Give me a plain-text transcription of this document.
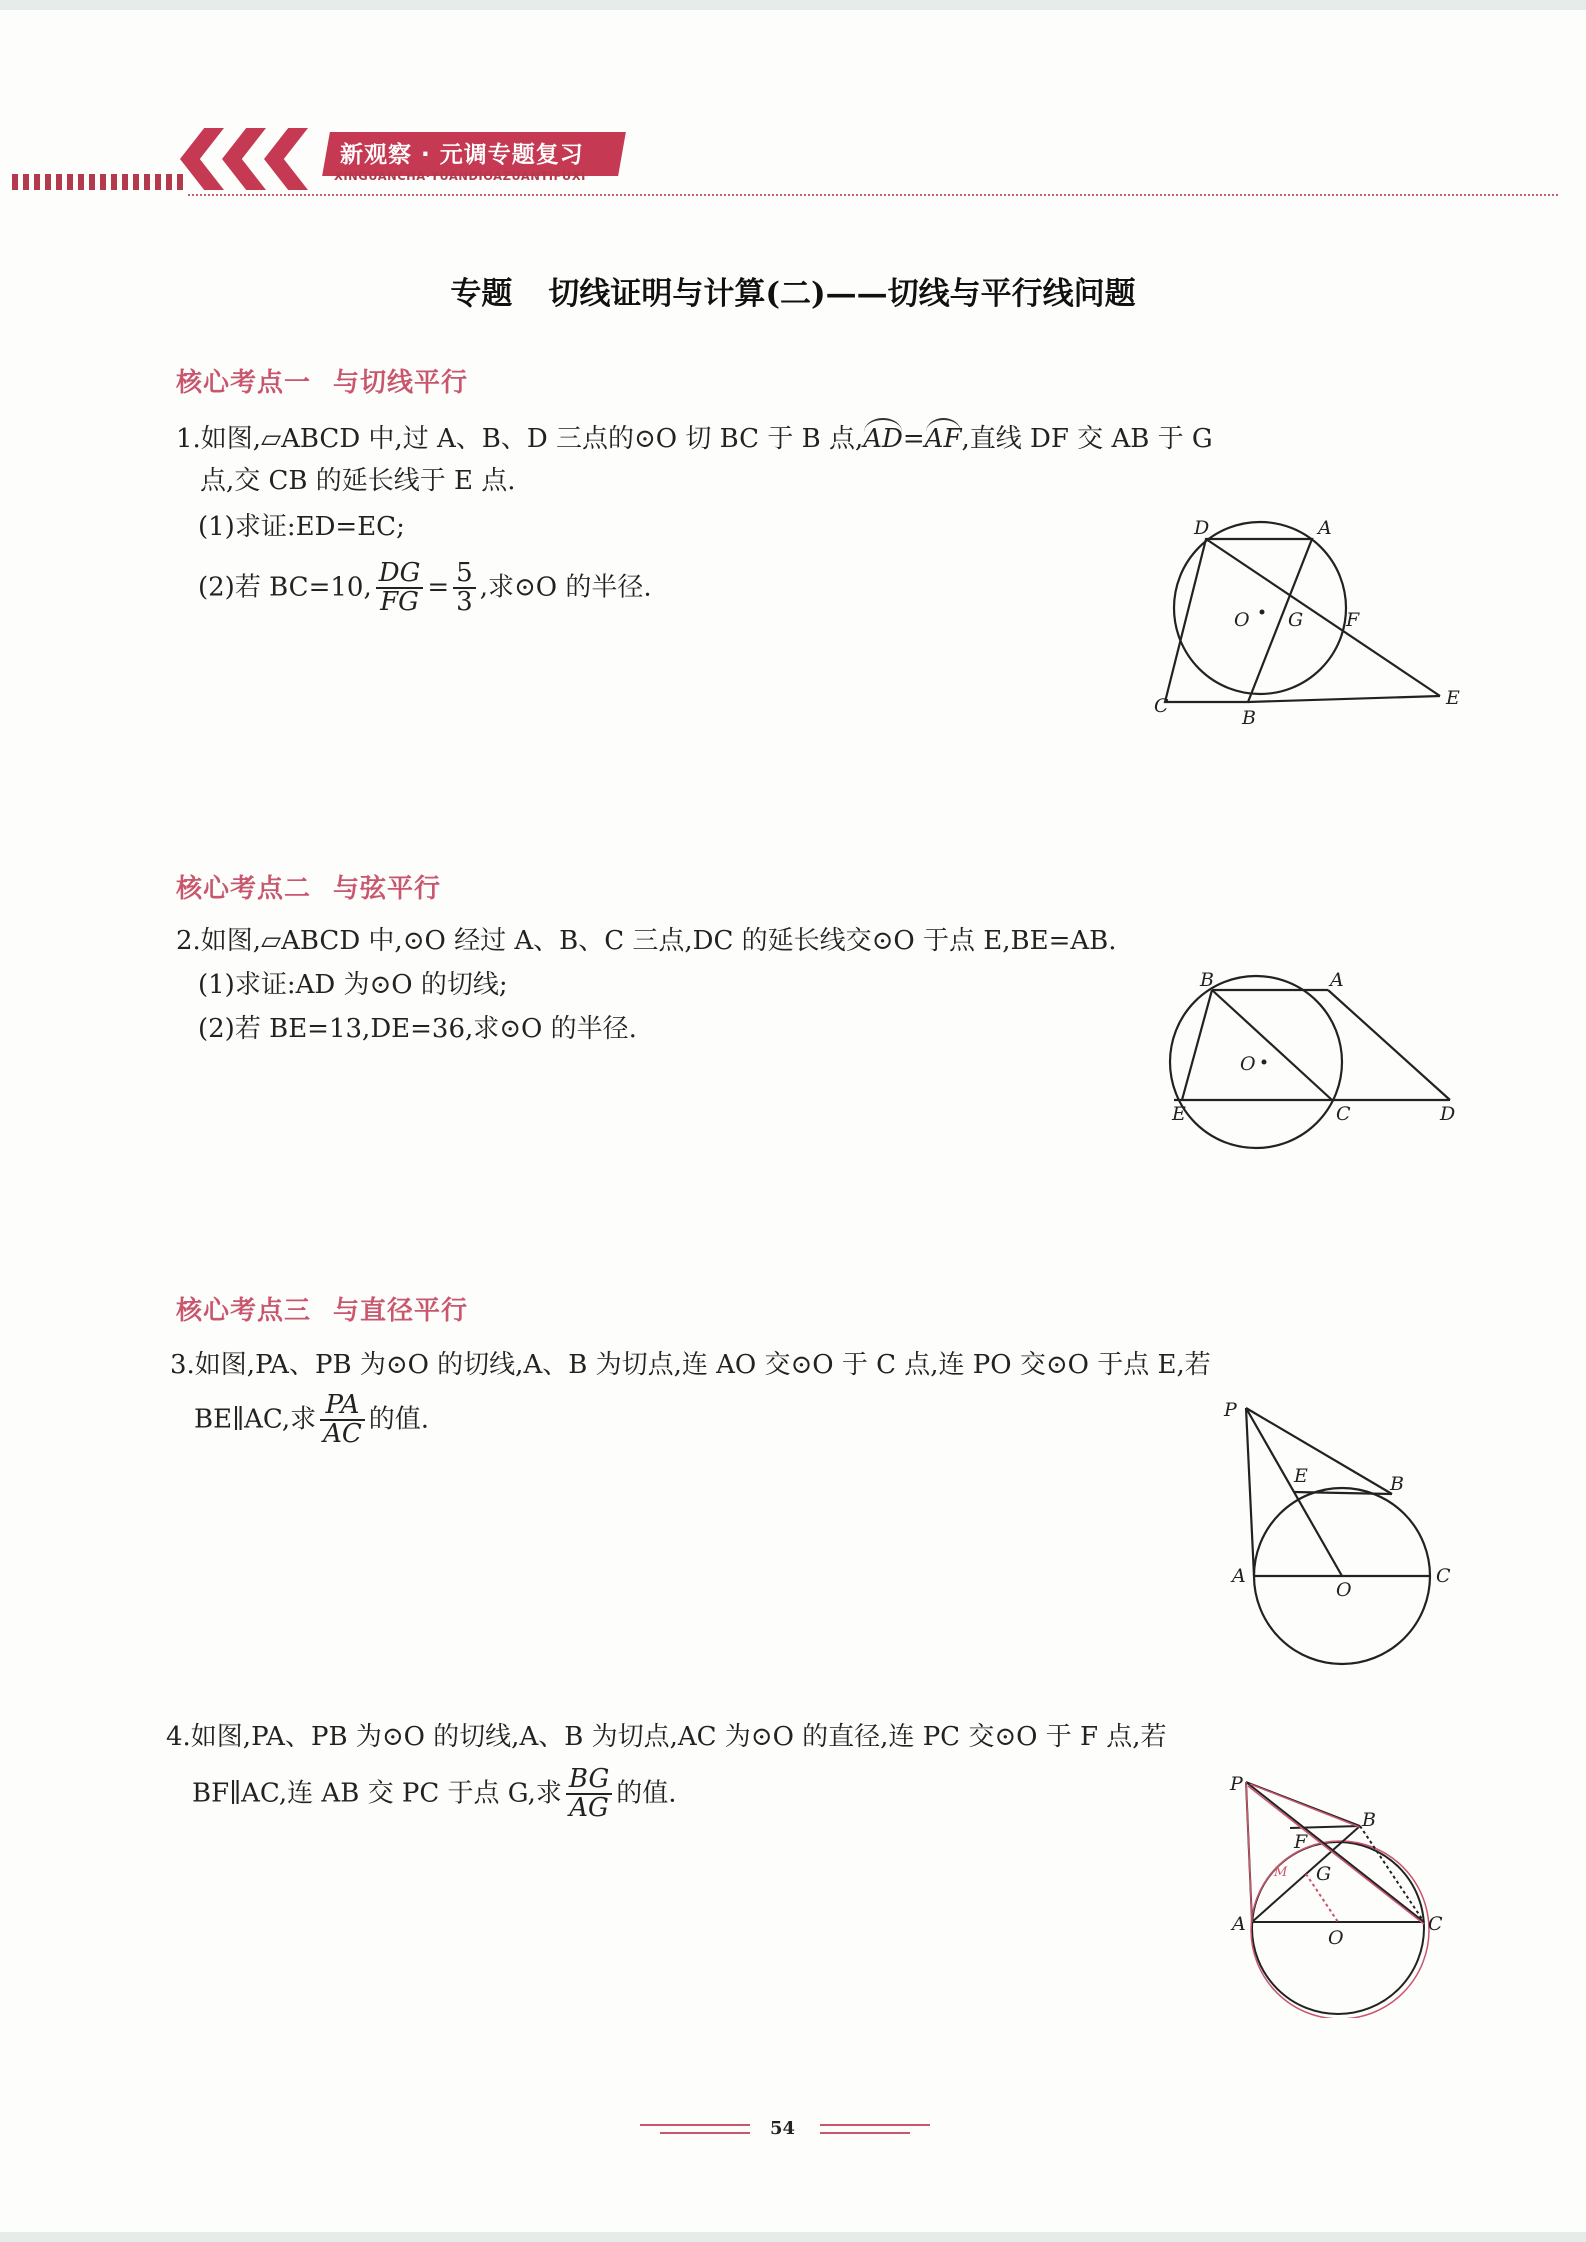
新观察 · 元调专题复习
XINGUANCHA·YUANDIOAZUANTIFUXI
专题 切线证明与计算(二)——切线与平行线问题
核心考点一 与切线平行
1.如图,▱ABCD 中,过 A、B、D 三点的⊙O 切 BC 于 B 点,AD=AF,直线 DF 交 AB 于 G
点,交 CB 的延长线于 E 点.
(1)求证:ED=EC;
(2)若 BC=10, $\frac{DG}{FG} = \frac{5}{3}$ ,求⊙O 的半径.
D	A
O G F
C
B
E
核心考点二 与弦平行
2.如图,▱ABCD 中,⊙O 经过 A、B、C 三点,DC 的延长线交⊙O 于点 E,BE=AB.
(1)求证:AD 为⊙O 的切线;
(2)若 BE=13,DE=36,求⊙O 的半径.
B	A
O
E	C	D
核心考点三 与直径平行
3.如图,PA、PB 为⊙O 的切线,A、B 为切点,连 AO 交⊙O 于 C 点,连 PO 交⊙O 于点 E,若
BE∥AC,求 $\frac{PA}{AC}$ 的值.	P
E	B
A
O
C
4.如图,PA、PB 为⊙O 的切线,A、B 为切点,AC 为⊙O 的直径,连 PC 交⊙O 于 F 点,若
BF∥AC,连 AB 交 PC 于点 G,求 $\frac{BG}{AG}$ 的值.	P
B
F
M G
A
O
C
54
